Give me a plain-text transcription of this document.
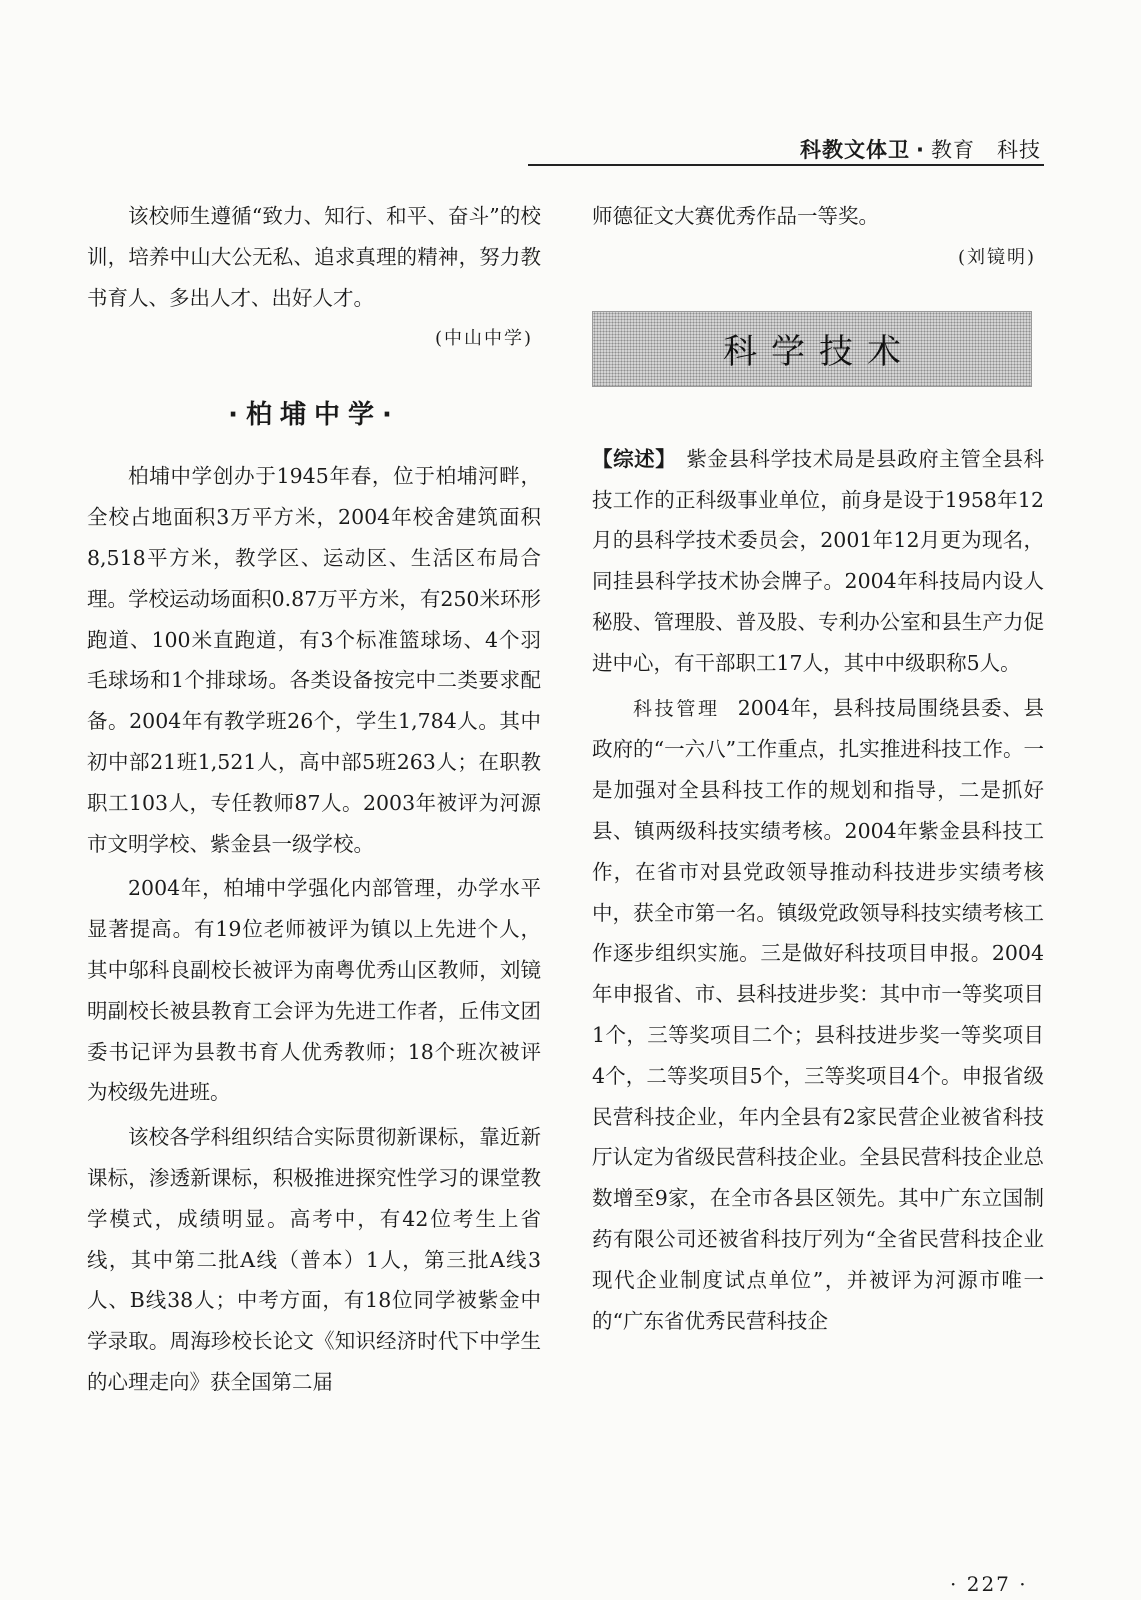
科教文体卫 · 教育 科技

该校师生遵循“致力、知行、和平、奋斗”的校训，培养中山大公无私、追求真理的精神，努力教书育人、多出人才、出好人才。

(中山中学)
·柏埔中学·

柏埔中学创办于1945年春，位于柏埔河畔，全校占地面积3万平方米，2004年校舍建筑面积8,518平方米，教学区、运动区、生活区布局合理。学校运动场面积0.87万平方米，有250米环形跑道、100米直跑道，有3个标准篮球场、4个羽毛球场和1个排球场。各类设备按完中二类要求配备。2004年有教学班26个，学生1,784人。其中初中部21班1,521人，高中部5班263人；在职教职工103人，专任教师87人。2003年被评为河源市文明学校、紫金县一级学校。

2004年，柏埔中学强化内部管理，办学水平显著提高。有19位老师被评为镇以上先进个人，其中邬科良副校长被评为南粤优秀山区教师，刘镜明副校长被县教育工会评为先进工作者，丘伟文团委书记评为县教书育人优秀教师；18个班次被评为校级先进班。

该校各学科组织结合实际贯彻新课标，靠近新课标，渗透新课标，积极推进探究性学习的课堂教学模式，成绩明显。高考中，有42位考生上省线，其中第二批A线（普本）1人，第三批A线3人、B线38人；中考方面，有18位同学被紫金中学录取。周海珍校长论文《知识经济时代下中学生的心理走向》获全国第二届

师德征文大赛优秀作品一等奖。

(刘镜明)
科学技术

【综述】 紫金县科学技术局是县政府主管全县科技工作的正科级事业单位，前身是设于1958年12月的县科学技术委员会，2001年12月更为现名，同挂县科学技术协会牌子。2004年科技局内设人秘股、管理股、普及股、专利办公室和县生产力促进中心，有干部职工17人，其中中级职称5人。

科技管理 2004年，县科技局围绕县委、县政府的“一六八”工作重点，扎实推进科技工作。一是加强对全县科技工作的规划和指导，二是抓好县、镇两级科技实绩考核。2004年紫金县科技工作，在省市对县党政领导推动科技进步实绩考核中，获全市第一名。镇级党政领导科技实绩考核工作逐步组织实施。三是做好科技项目申报。2004年申报省、市、县科技进步奖：其中市一等奖项目1个，三等奖项目二个；县科技进步奖一等奖项目4个，二等奖项目5个，三等奖项目4个。申报省级民营科技企业，年内全县有2家民营企业被省科技厅认定为省级民营科技企业。全县民营科技企业总数增至9家，在全市各县区领先。其中广东立国制药有限公司还被省科技厅列为“全省民营科技企业现代企业制度试点单位”，并被评为河源市唯一的“广东省优秀民营科技企

· 227 ·
